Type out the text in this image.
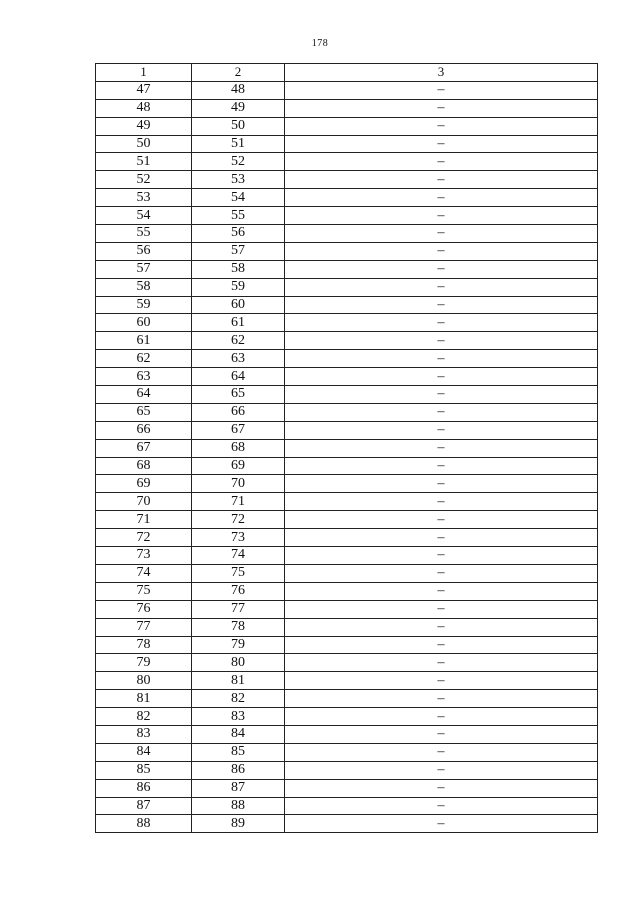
178
1	2	3
47	48	–
48	49	–
49	50	–
50	51	–
51	52	–
52	53	–
53	54	–
54	55	–
55	56	–
56	57	–
57	58	–
58	59	–
59	60	–
60	61	–
61	62	–
62	63	–
63	64	–
64	65	–
65	66	–
66	67	–
67	68	–
68	69	–
69	70	–
70	71	–
71	72	–
72	73	–
73	74	–
74	75	–
75	76	–
76	77	–
77	78	–
78	79	–
79	80	–
80	81	–
81	82	–
82	83	–
83	84	–
84	85	–
85	86	–
86	87	–
87	88	–
88	89	–
